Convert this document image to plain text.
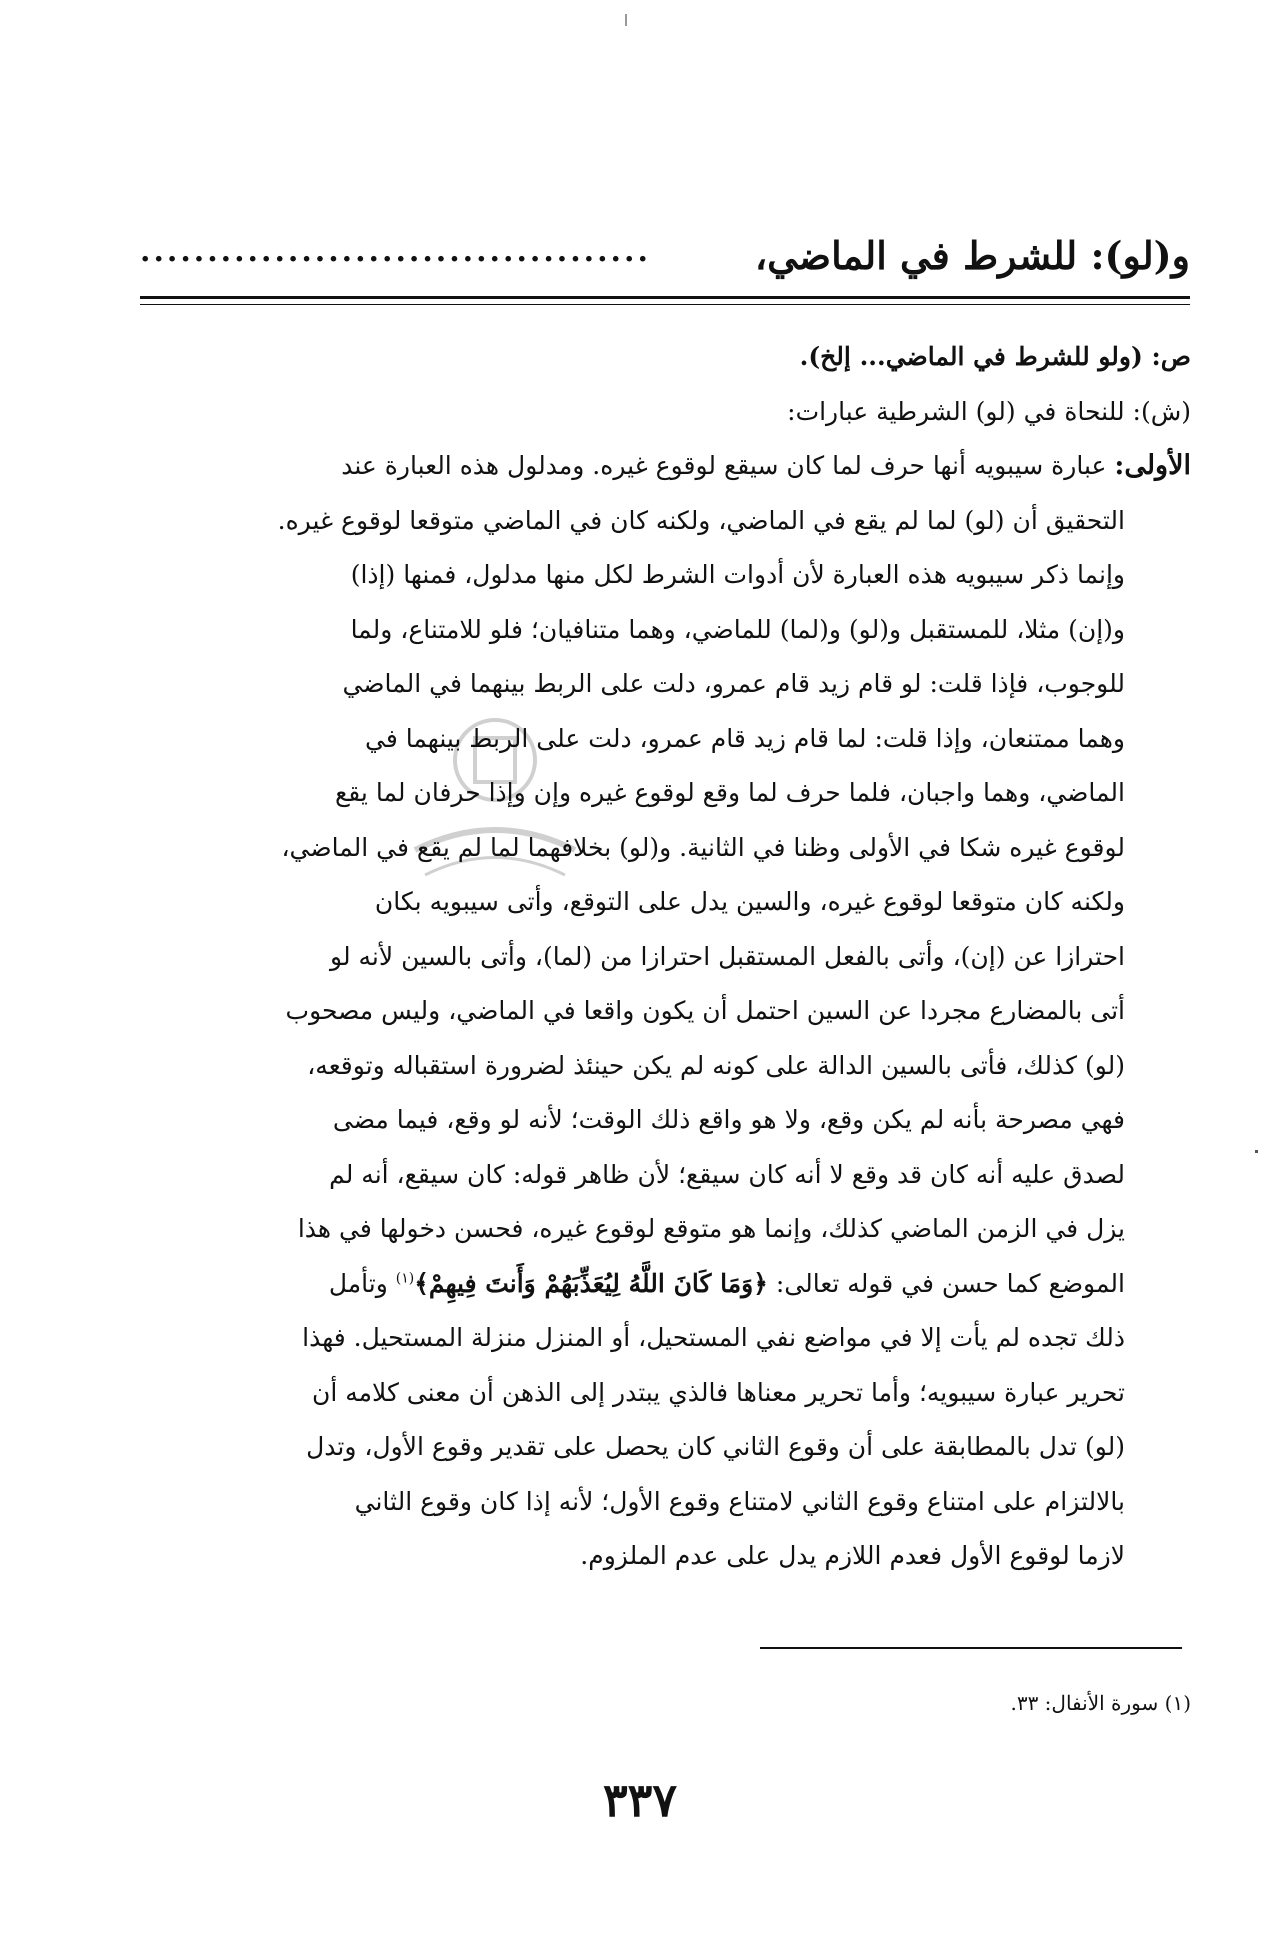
و(لو): للشرط في الماضي،
......................................
ص: (ولو للشرط في الماضي... إلخ).
(ش): للنحاة في (لو) الشرطية عبارات:
الأولى: عبارة سيبويه أنها حرف لما كان سيقع لوقوع غيره. ومدلول هذه العبارة عند
التحقيق أن (لو) لما لم يقع في الماضي، ولكنه كان في الماضي متوقعا لوقوع غيره.
وإنما ذكر سيبويه هذه العبارة لأن أدوات الشرط لكل منها مدلول، فمنها (إذا)
و(إن) مثلا، للمستقبل و(لو) و(لما) للماضي، وهما متنافيان؛ فلو للامتناع، ولما
للوجوب، فإذا قلت: لو قام زيد قام عمرو، دلت على الربط بينهما في الماضي
وهما ممتنعان، وإذا قلت: لما قام زيد قام عمرو، دلت على الربط بينهما في
الماضي، وهما واجبان، فلما حرف لما وقع لوقوع غيره وإن وإذا حرفان لما يقع
لوقوع غيره شكا في الأولى وظنا في الثانية. و(لو) بخلافهما لما لم يقع في الماضي،
ولكنه كان متوقعا لوقوع غيره، والسين يدل على التوقع، وأتى سيبويه بكان
احترازا عن (إن)، وأتى بالفعل المستقبل احترازا من (لما)، وأتى بالسين لأنه لو
أتى بالمضارع مجردا عن السين احتمل أن يكون واقعا في الماضي، وليس مصحوب
(لو) كذلك، فأتى بالسين الدالة على كونه لم يكن حينئذ لضرورة استقباله وتوقعه،
فهي مصرحة بأنه لم يكن وقع، ولا هو واقع ذلك الوقت؛ لأنه لو وقع، فيما مضى
لصدق عليه أنه كان قد وقع لا أنه كان سيقع؛ لأن ظاهر قوله: كان سيقع، أنه لم
يزل في الزمن الماضي كذلك، وإنما هو متوقع لوقوع غيره، فحسن دخولها في هذا
الموضع كما حسن في قوله تعالى: ﴿وَمَا كَانَ اللَّهُ لِيُعَذِّبَهُمْ وَأَنتَ فِيهِمْ﴾$^{(١)}$ وتأمل
ذلك تجده لم يأت إلا في مواضع نفي المستحيل، أو المنزل منزلة المستحيل. فهذا
تحرير عبارة سيبويه؛ وأما تحرير معناها فالذي يبتدر إلى الذهن أن معنى كلامه أن
(لو) تدل بالمطابقة على أن وقوع الثاني كان يحصل على تقدير وقوع الأول، وتدل
بالالتزام على امتناع وقوع الثاني لامتناع وقوع الأول؛ لأنه إذا كان وقوع الثاني
لازما لوقوع الأول فعدم اللازم يدل على عدم الملزوم.
(١) سورة الأنفال: ٣٣.
٣٣٧
